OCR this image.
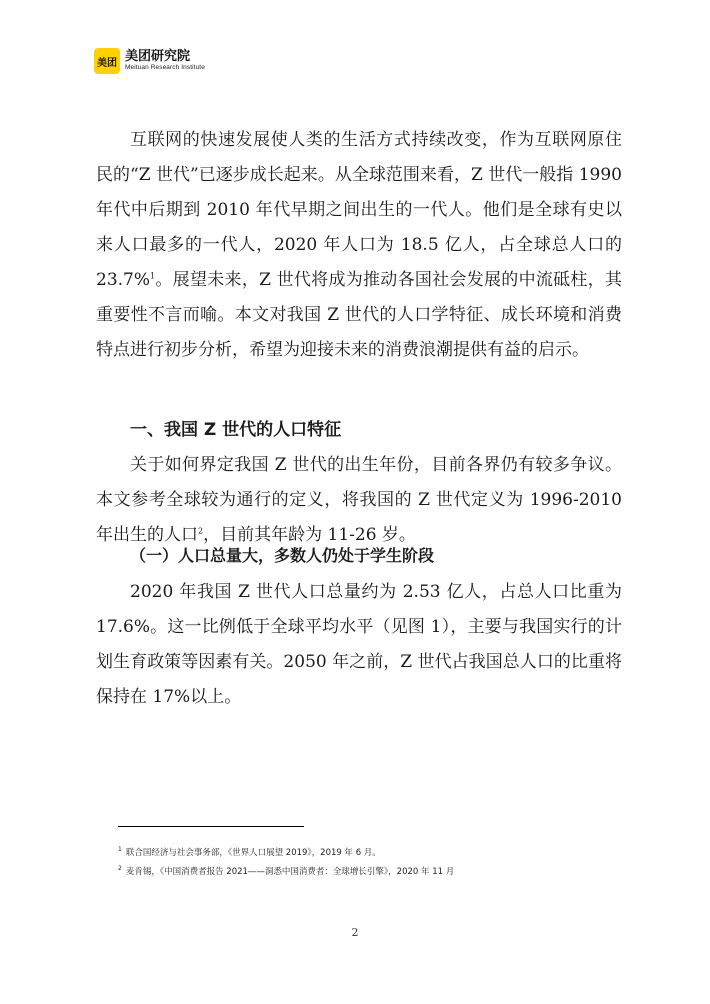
美团 美团研究院
Meituan Research Institute

互联网的快速发展使人类的生活方式持续改变，作为互联网原住民的“Z 世代”已逐步成长起来。从全球范围来看，Z 世代一般指 1990 年代中后期到 2010 年代早期之间出生的一代人。他们是全球有史以来人口最多的一代人，2020 年人口为 18.5 亿人，占全球总人口的 23.7%$^1$。展望未来，Z 世代将成为推动各国社会发展的中流砥柱，其重要性不言而喻。本文对我国 Z 世代的人口学特征、成长环境和消费特点进行初步分析，希望为迎接未来的消费浪潮提供有益的启示。

一、我国 Z 世代的人口特征

关于如何界定我国 Z 世代的出生年份，目前各界仍有较多争议。本文参考全球较为通行的定义，将我国的 Z 世代定义为 1996-2010 年出生的人口$^2$，目前其年龄为 11-26 岁。

（一）人口总量大，多数人仍处于学生阶段

2020 年我国 Z 世代人口总量约为 2.53 亿人，占总人口比重为 17.6%。这一比例低于全球平均水平（见图 1），主要与我国实行的计划生育政策等因素有关。2050 年之前，Z 世代占我国总人口的比重将保持在 17%以上。

$^1$ 联合国经济与社会事务部，《世界人口展望 2019》，2019 年 6 月。
$^2$ 麦肯锡，《中国消费者报告 2021——洞悉中国消费者：全球增长引擎》，2020 年 11 月
2
